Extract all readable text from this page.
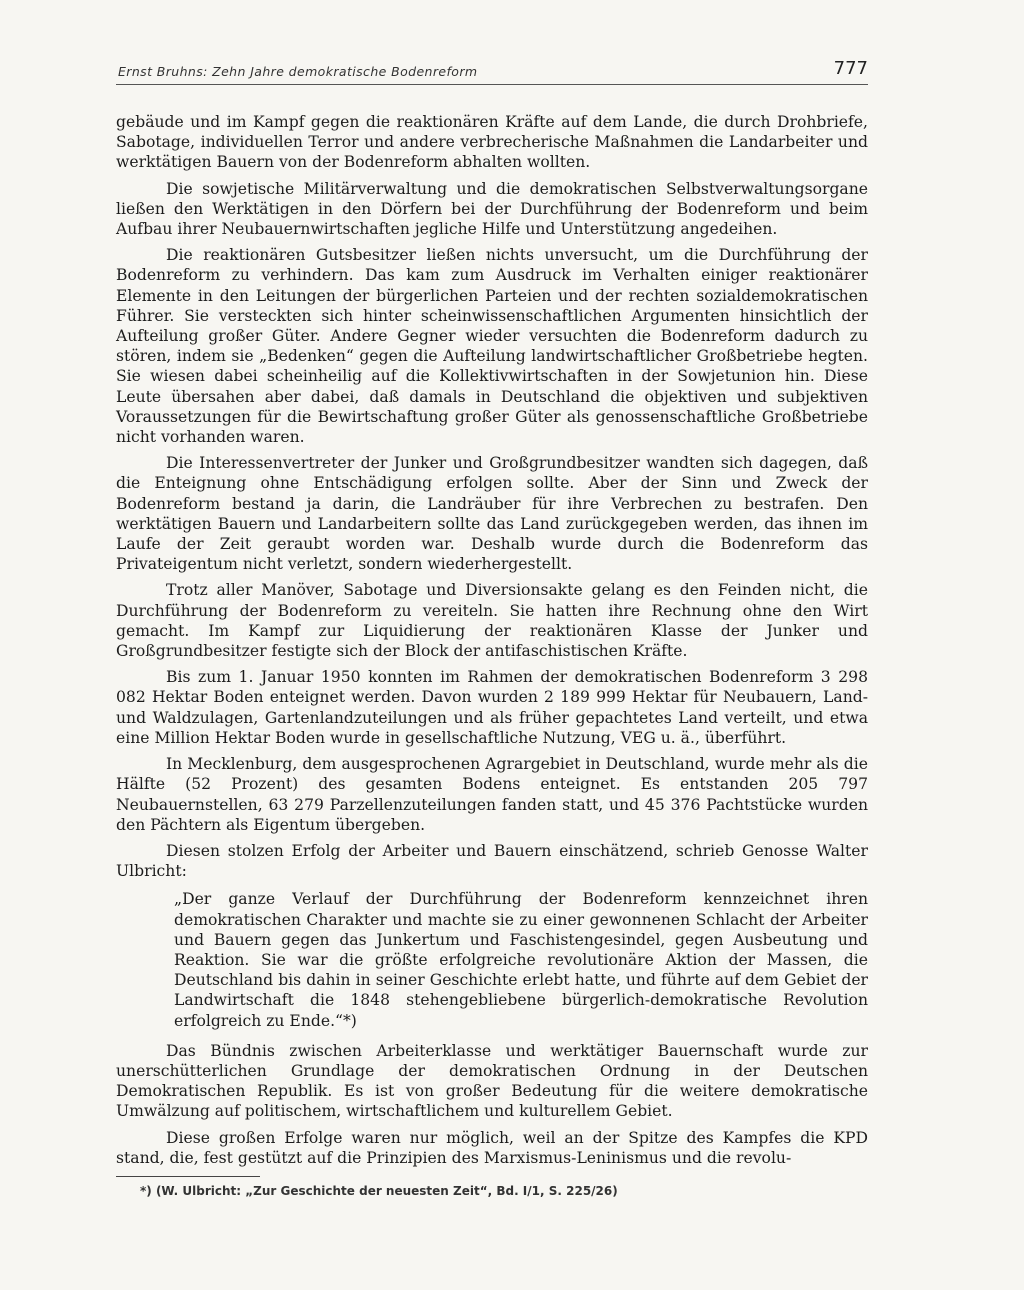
Ernst Bruhns: Zehn Jahre demokratische Bodenreform	777

gebäude und im Kampf gegen die reaktionären Kräfte auf dem Lande, die durch Drohbriefe, Sabotage, individuellen Terror und andere verbrecherische Maßnahmen die Landarbeiter und werktätigen Bauern von der Bodenreform abhalten wollten.

Die sowjetische Militärverwaltung und die demokratischen Selbstverwaltungsorgane ließen den Werktätigen in den Dörfern bei der Durchführung der Bodenreform und beim Aufbau ihrer Neubauernwirtschaften jegliche Hilfe und Unterstützung angedeihen.

Die reaktionären Gutsbesitzer ließen nichts unversucht, um die Durchführung der Bodenreform zu verhindern. Das kam zum Ausdruck im Verhalten einiger reaktionärer Elemente in den Leitungen der bürgerlichen Parteien und der rechten sozialdemokratischen Führer. Sie versteckten sich hinter scheinwissenschaftlichen Argumenten hinsichtlich der Aufteilung großer Güter. Andere Gegner wieder versuchten die Bodenreform dadurch zu stören, indem sie „Bedenken“ gegen die Aufteilung landwirtschaftlicher Großbetriebe hegten. Sie wiesen dabei scheinheilig auf die Kollektivwirtschaften in der Sowjetunion hin. Diese Leute übersahen aber dabei, daß damals in Deutschland die objektiven und subjektiven Voraussetzungen für die Bewirtschaftung großer Güter als genossenschaftliche Großbetriebe nicht vorhanden waren.

Die Interessenvertreter der Junker und Großgrundbesitzer wandten sich dagegen, daß die Enteignung ohne Entschädigung erfolgen sollte. Aber der Sinn und Zweck der Bodenreform bestand ja darin, die Landräuber für ihre Verbrechen zu bestrafen. Den werktätigen Bauern und Landarbeitern sollte das Land zurückgegeben werden, das ihnen im Laufe der Zeit geraubt worden war. Deshalb wurde durch die Bodenreform das Privateigentum nicht verletzt, sondern wiederhergestellt.

Trotz aller Manöver, Sabotage und Diversionsakte gelang es den Feinden nicht, die Durchführung der Bodenreform zu vereiteln. Sie hatten ihre Rechnung ohne den Wirt gemacht. Im Kampf zur Liquidierung der reaktionären Klasse der Junker und Großgrundbesitzer festigte sich der Block der antifaschistischen Kräfte.

Bis zum 1. Januar 1950 konnten im Rahmen der demokratischen Bodenreform 3 298 082 Hektar Boden enteignet werden. Davon wurden 2 189 999 Hektar für Neubauern, Land- und Waldzulagen, Gartenlandzuteilungen und als früher gepachtetes Land verteilt, und etwa eine Million Hektar Boden wurde in gesellschaftliche Nutzung, VEG u. ä., überführt.

In Mecklenburg, dem ausgesprochenen Agrargebiet in Deutschland, wurde mehr als die Hälfte (52 Prozent) des gesamten Bodens enteignet. Es entstanden 205 797 Neubauernstellen, 63 279 Parzellenzuteilungen fanden statt, und 45 376 Pachtstücke wurden den Pächtern als Eigentum übergeben.

Diesen stolzen Erfolg der Arbeiter und Bauern einschätzend, schrieb Genosse Walter Ulbricht:

„Der ganze Verlauf der Durchführung der Bodenreform kennzeichnet ihren demokratischen Charakter und machte sie zu einer gewonnenen Schlacht der Arbeiter und Bauern gegen das Junkertum und Faschistengesindel, gegen Ausbeutung und Reaktion. Sie war die größte erfolgreiche revolutionäre Aktion der Massen, die Deutschland bis dahin in seiner Geschichte erlebt hatte, und führte auf dem Gebiet der Landwirtschaft die 1848 stehengebliebene bürgerlich-demokratische Revolution erfolgreich zu Ende.“*)

Das Bündnis zwischen Arbeiterklasse und werktätiger Bauernschaft wurde zur unerschütterlichen Grundlage der demokratischen Ordnung in der Deutschen Demokratischen Republik. Es ist von großer Bedeutung für die weitere demokratische Umwälzung auf politischem, wirtschaftlichem und kulturellem Gebiet.

Diese großen Erfolge waren nur möglich, weil an der Spitze des Kampfes die KPD stand, die, fest gestützt auf die Prinzipien des Marxismus-Leninismus und die revolu-

*) (W. Ulbricht: „Zur Geschichte der neuesten Zeit“, Bd. I/1, S. 225/26)
